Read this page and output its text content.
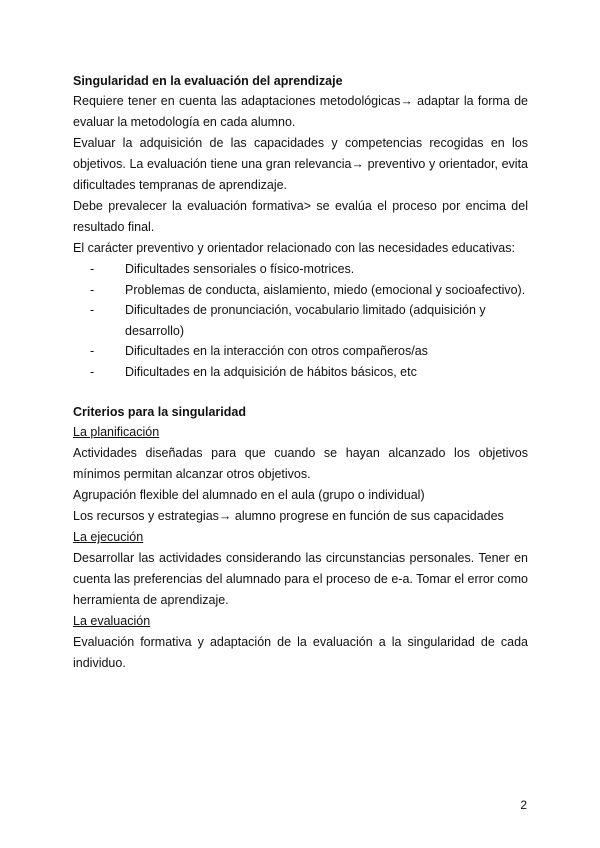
Singularidad en la evaluación del aprendizaje

Requiere tener en cuenta las adaptaciones metodológicas→ adaptar la forma de evaluar la metodología en cada alumno.

Evaluar la adquisición de las capacidades y competencias recogidas en los objetivos. La evaluación tiene una gran relevancia→ preventivo y orientador, evita dificultades tempranas de aprendizaje.

Debe prevalecer la evaluación formativa> se evalúa el proceso por encima del resultado final.

El carácter preventivo y orientador relacionado con las necesidades educativas:

- Dificultades sensoriales o físico-motrices.
- Problemas de conducta, aislamiento, miedo (emocional y socioafectivo).
- Dificultades de pronunciación, vocabulario limitado (adquisición y desarrollo)
- Dificultades en la interacción con otros compañeros/as
- Dificultades en la adquisición de hábitos básicos, etc
Criterios para la singularidad

La planificación

Actividades diseñadas para que cuando se hayan alcanzado los objetivos mínimos permitan alcanzar otros objetivos.

Agrupación flexible del alumnado en el aula (grupo o individual)

Los recursos y estrategias→ alumno progrese en función de sus capacidades

La ejecución

Desarrollar las actividades considerando las circunstancias personales. Tener en cuenta las preferencias del alumnado para el proceso de e-a. Tomar el error como herramienta de aprendizaje.

La evaluación

Evaluación formativa y adaptación de la evaluación a la singularidad de cada individuo.

2
